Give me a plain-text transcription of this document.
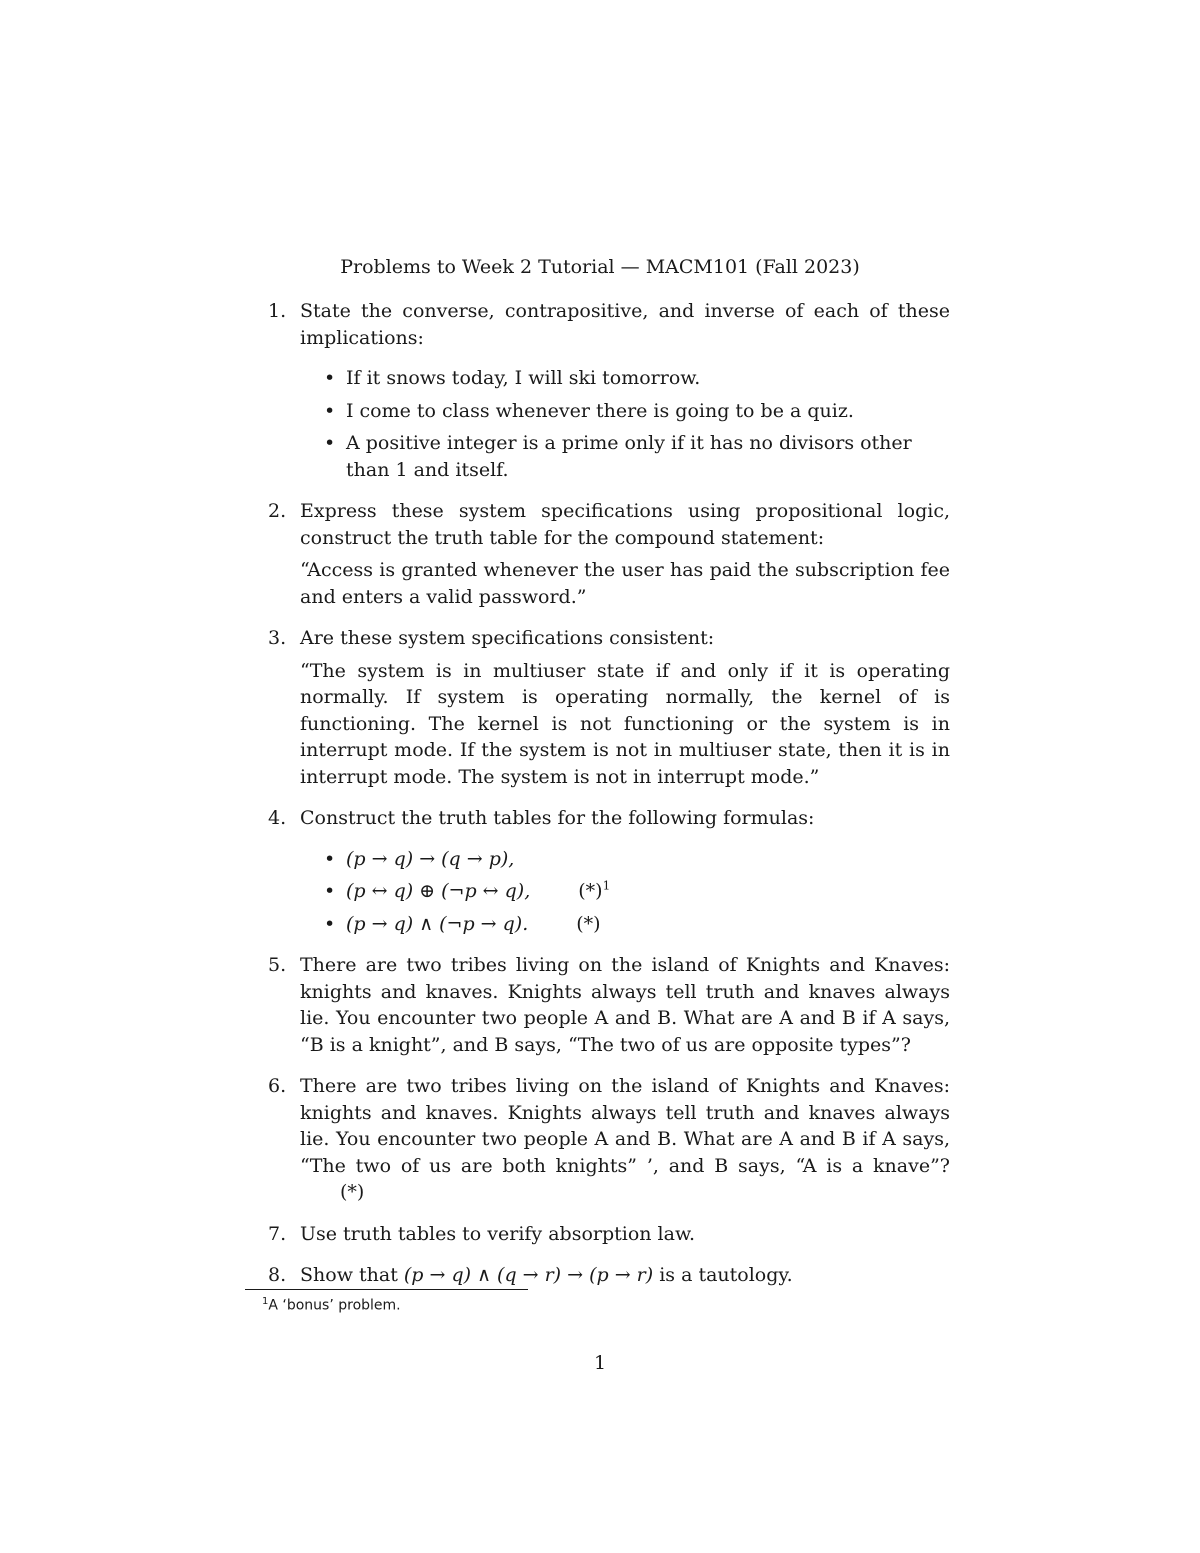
Problems to Week 2 Tutorial — MACM101 (Fall 2023)
1. State the converse, contrapositive, and inverse of each of these implications:
• If it snows today, I will ski tomorrow.
• I come to class whenever there is going to be a quiz.
• A positive integer is a prime only if it has no divisors other than 1 and itself.
2. Express these system specifications using propositional logic, construct the truth table for the compound statement:
“Access is granted whenever the user has paid the subscription fee and enters a valid password.”
3. Are these system specifications consistent:
“The system is in multiuser state if and only if it is operating normally. If system is operating normally, the kernel of is functioning. The kernel is not functioning or the system is in interrupt mode. If the system is not in multiuser state, then it is in interrupt mode. The system is not in interrupt mode.”
4. Construct the truth tables for the following formulas:
• (p → q) → (q → p),
• (p ↔ q) ⊕ (¬p ↔ q),	(*)$^1$
• (p → q) ∧ (¬p → q).	(*)
5. There are two tribes living on the island of Knights and Knaves: knights and knaves. Knights always tell truth and knaves always lie. You encounter two people A and B. What are A and B if A says, “B is a knight”, and B says, “The two of us are opposite types”?
6. There are two tribes living on the island of Knights and Knaves: knights and knaves. Knights always tell truth and knaves always lie. You encounter two people A and B. What are A and B if A says, “The two of us are both knights” ’, and B says, “A is a knave”?(*)
7. Use truth tables to verify absorption law.
8. Show that (p → q) ∧ (q → r) → (p → r) is a tautology.
$^1$A ‘bonus’ problem.
1
